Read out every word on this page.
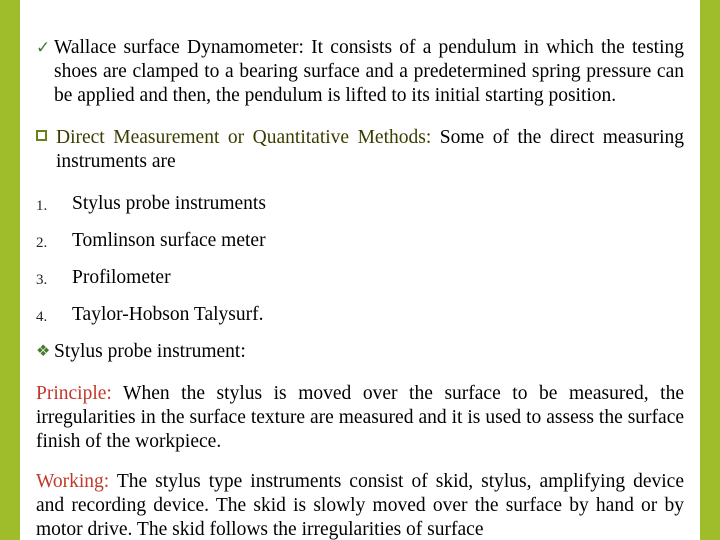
✓ Wallace surface Dynamometer: It consists of a pendulum in which the testing shoes are clamped to a bearing surface and a predetermined spring pressure can be applied and then, the pendulum is lifted to its initial starting position.
Direct Measurement or Quantitative Methods: Some of the direct measuring instruments are
1. Stylus probe instruments
2. Tomlinson surface meter
3. Profilometer
4. Taylor-Hobson Talysurf.
❖ Stylus probe instrument:
Principle: When the stylus is moved over the surface to be measured, the irregularities in the surface texture are measured and it is used to assess the surface finish of the workpiece.
Working: The stylus type instruments consist of skid, stylus, amplifying device and recording device. The skid is slowly moved over the surface by hand or by motor drive. The skid follows the irregularities of surface
